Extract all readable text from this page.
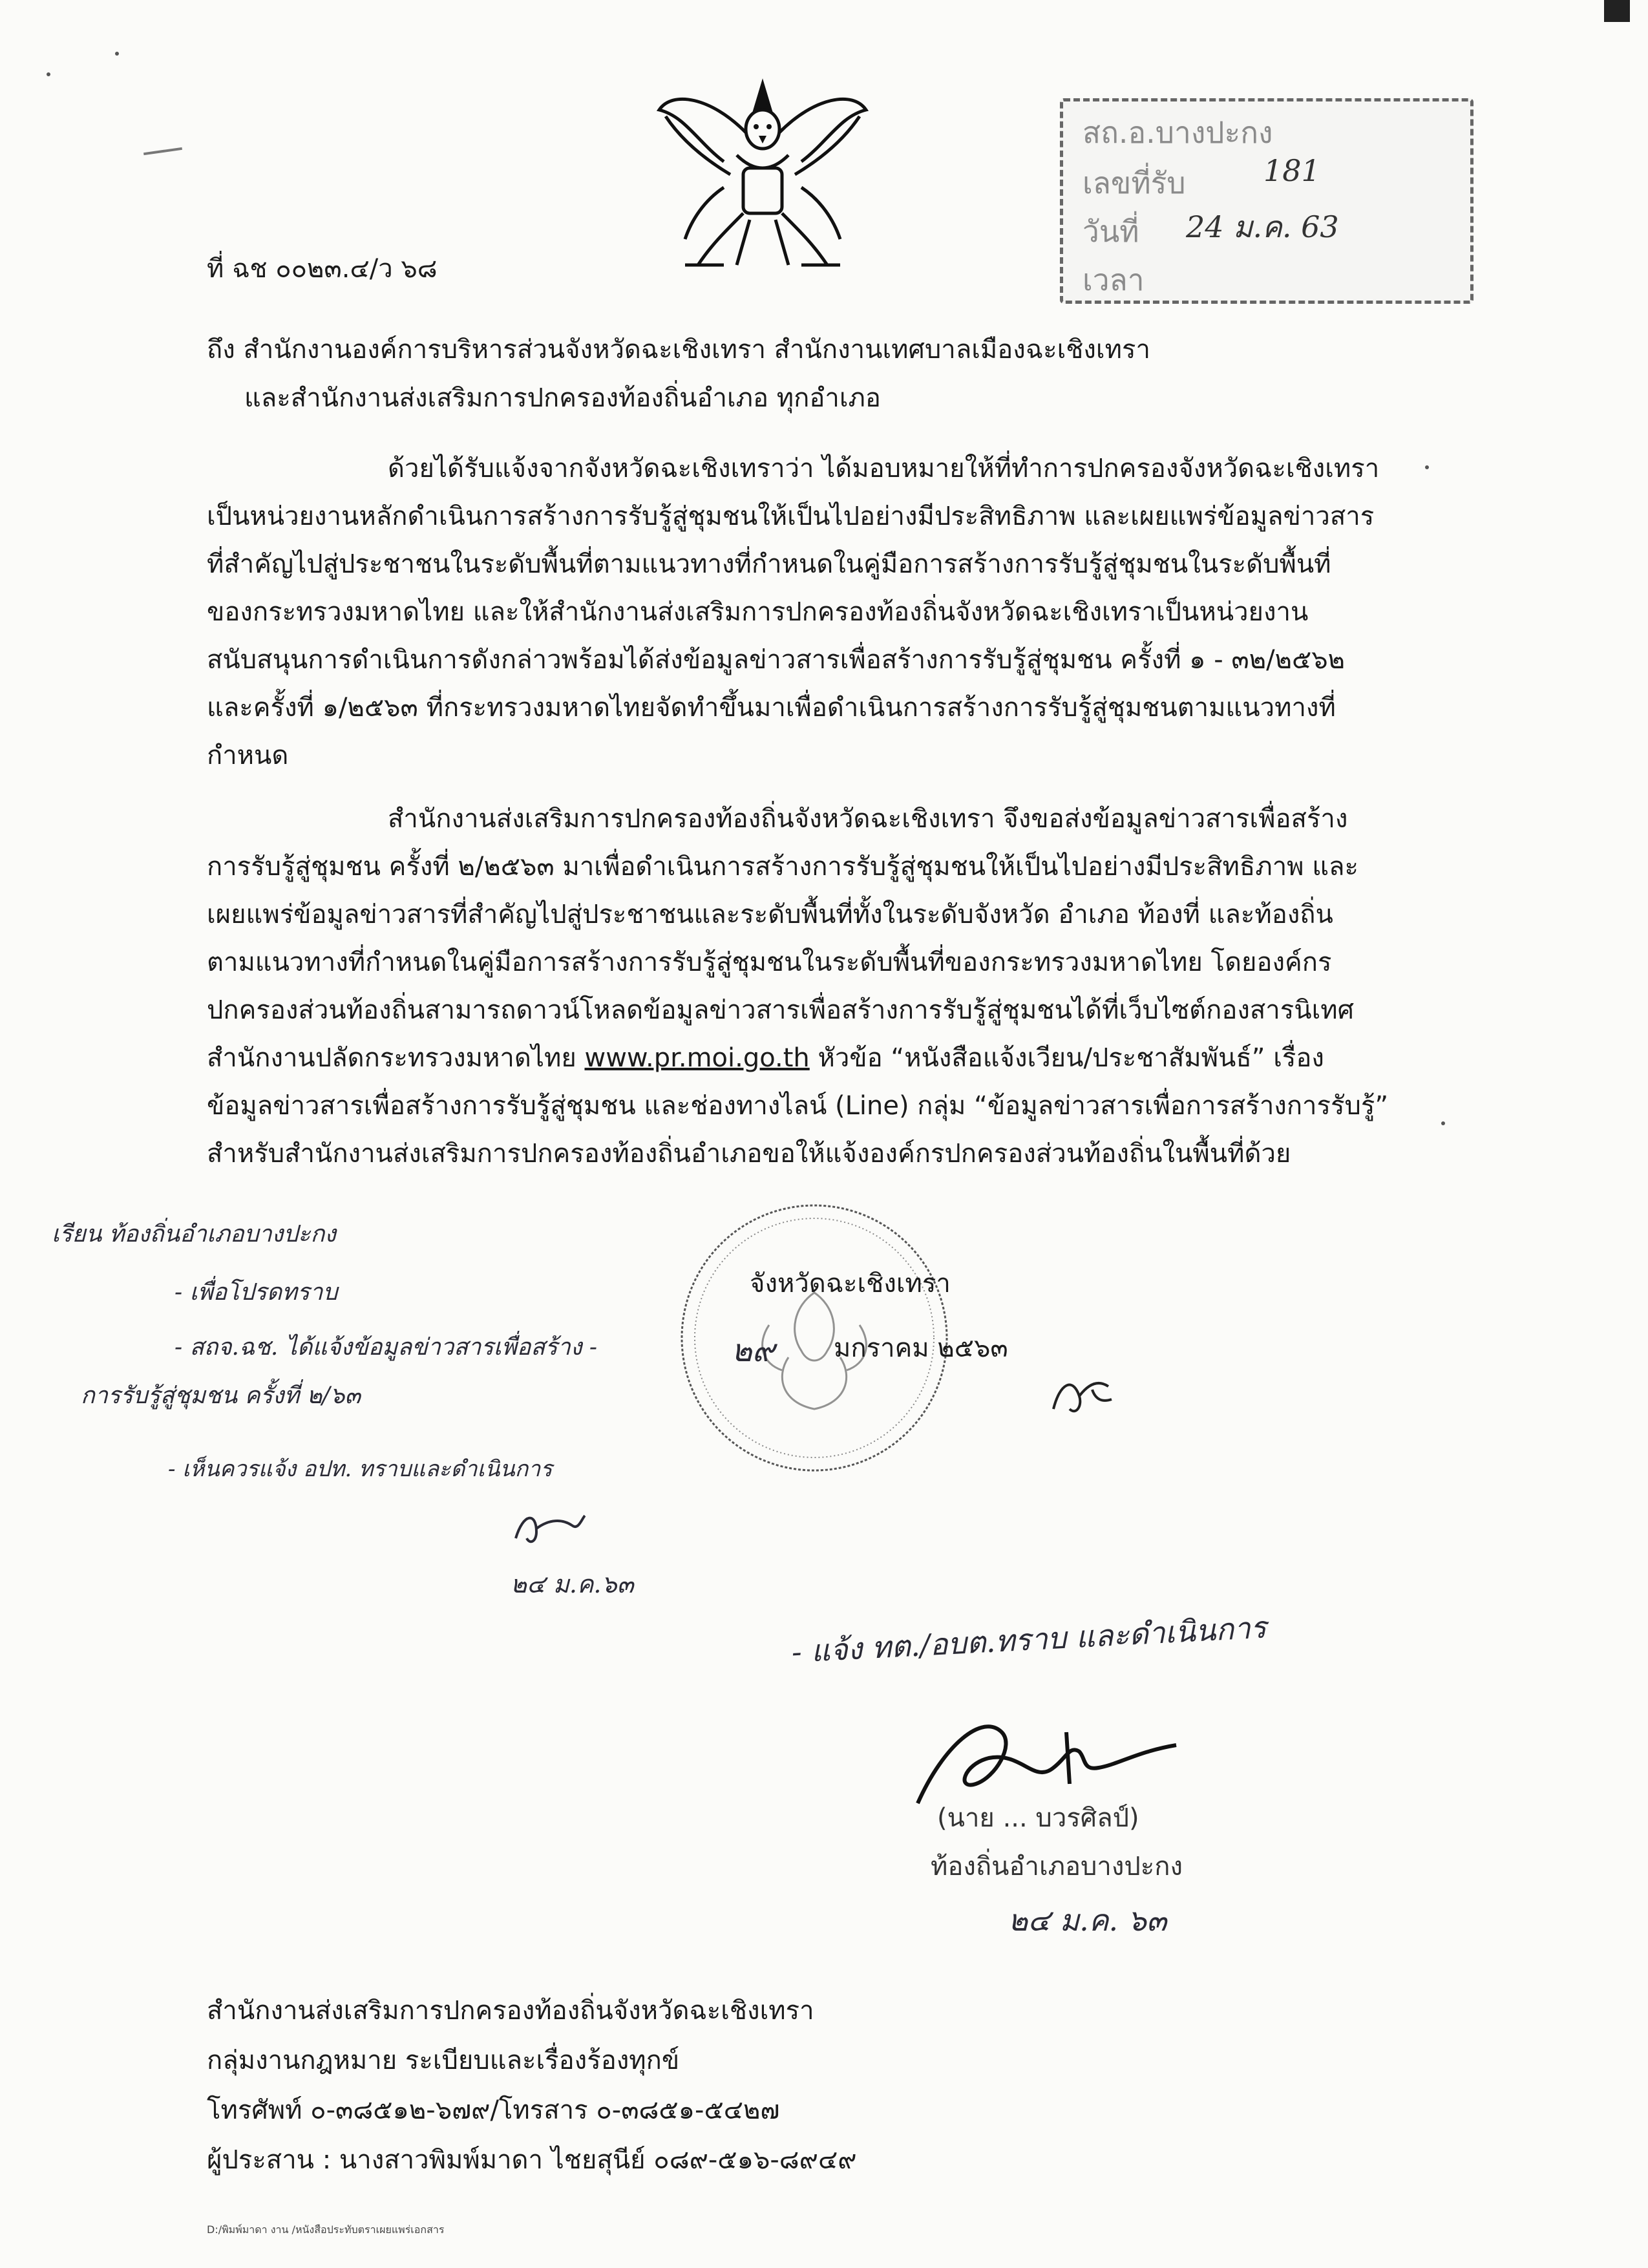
สถ.อ.บางปะกง
เลขที่รับ	181
วันที่ 24 ม.ค. 63
เวลา
ที่ ฉช ๐๐๒๓.๔/ว ๖๘
ถึง สำนักงานองค์การบริหารส่วนจังหวัดฉะเชิงเทรา สำนักงานเทศบาลเมืองฉะเชิงเทรา
และสำนักงานส่งเสริมการปกครองท้องถิ่นอำเภอ ทุกอำเภอ
ด้วยได้รับแจ้งจากจังหวัดฉะเชิงเทราว่า ได้มอบหมายให้ที่ทำการปกครองจังหวัดฉะเชิงเทรา
เป็นหน่วยงานหลักดำเนินการสร้างการรับรู้สู่ชุมชนให้เป็นไปอย่างมีประสิทธิภาพ และเผยแพร่ข้อมูลข่าวสาร
ที่สำคัญไปสู่ประชาชนในระดับพื้นที่ตามแนวทางที่กำหนดในคู่มือการสร้างการรับรู้สู่ชุมชนในระดับพื้นที่
ของกระทรวงมหาดไทย และให้สำนักงานส่งเสริมการปกครองท้องถิ่นจังหวัดฉะเชิงเทราเป็นหน่วยงาน
สนับสนุนการดำเนินการดังกล่าวพร้อมได้ส่งข้อมูลข่าวสารเพื่อสร้างการรับรู้สู่ชุมชน ครั้งที่ ๑ - ๓๒/๒๕๖๒
และครั้งที่ ๑/๒๕๖๓ ที่กระทรวงมหาดไทยจัดทำขึ้นมาเพื่อดำเนินการสร้างการรับรู้สู่ชุมชนตามแนวทางที่
กำหนด
สำนักงานส่งเสริมการปกครองท้องถิ่นจังหวัดฉะเชิงเทรา จึงขอส่งข้อมูลข่าวสารเพื่อสร้าง
การรับรู้สู่ชุมชน ครั้งที่ ๒/๒๕๖๓ มาเพื่อดำเนินการสร้างการรับรู้สู่ชุมชนให้เป็นไปอย่างมีประสิทธิภาพ และ
เผยแพร่ข้อมูลข่าวสารที่สำคัญไปสู่ประชาชนและระดับพื้นที่ทั้งในระดับจังหวัด อำเภอ ท้องที่ และท้องถิ่น
ตามแนวทางที่กำหนดในคู่มือการสร้างการรับรู้สู่ชุมชนในระดับพื้นที่ของกระทรวงมหาดไทย โดยองค์กร
ปกครองส่วนท้องถิ่นสามารถดาวน์โหลดข้อมูลข่าวสารเพื่อสร้างการรับรู้สู่ชุมชนได้ที่เว็บไซต์กองสารนิเทศ
สำนักงานปลัดกระทรวงมหาดไทย www.pr.moi.go.th หัวข้อ “หนังสือแจ้งเวียน/ประชาสัมพันธ์” เรื่อง
ข้อมูลข่าวสารเพื่อสร้างการรับรู้สู่ชุมชน และช่องทางไลน์ (Line) กลุ่ม “ข้อมูลข่าวสารเพื่อการสร้างการรับรู้”
สำหรับสำนักงานส่งเสริมการปกครองท้องถิ่นอำเภอขอให้แจ้งองค์กรปกครองส่วนท้องถิ่นในพื้นที่ด้วย
จังหวัดฉะเชิงเทรา
๒๙ มกราคม ๒๕๖๓
เรียน ท้องถิ่นอำเภอบางปะกง
- เพื่อโปรดทราบ
- สถจ.ฉช. ได้แจ้งข้อมูลข่าวสารเพื่อสร้าง -
การรับรู้สู่ชุมชน ครั้งที่ ๒/๖๓
- เห็นควรแจ้ง อปท. ทราบและดำเนินการ
๒๔ ม.ค.๖๓
- แจ้ง ทต./อบต.ทราบ และดำเนินการ
(นาย ... บวรศิลป์)
ท้องถิ่นอำเภอบางปะกง
๒๔ ม.ค. ๖๓
สำนักงานส่งเสริมการปกครองท้องถิ่นจังหวัดฉะเชิงเทรา
กลุ่มงานกฎหมาย ระเบียบและเรื่องร้องทุกข์
โทรศัพท์ ๐-๓๘๕๑๒-๖๗๙/โทรสาร ๐-๓๘๕๑-๕๔๒๗
ผู้ประสาน : นางสาวพิมพ์มาดา ไชยสุนีย์ ๐๘๙-๕๑๖-๘๙๔๙
D:/พิมพ์มาดา งาน /หนังสือประทับตราเผยแพร่เอกสาร
